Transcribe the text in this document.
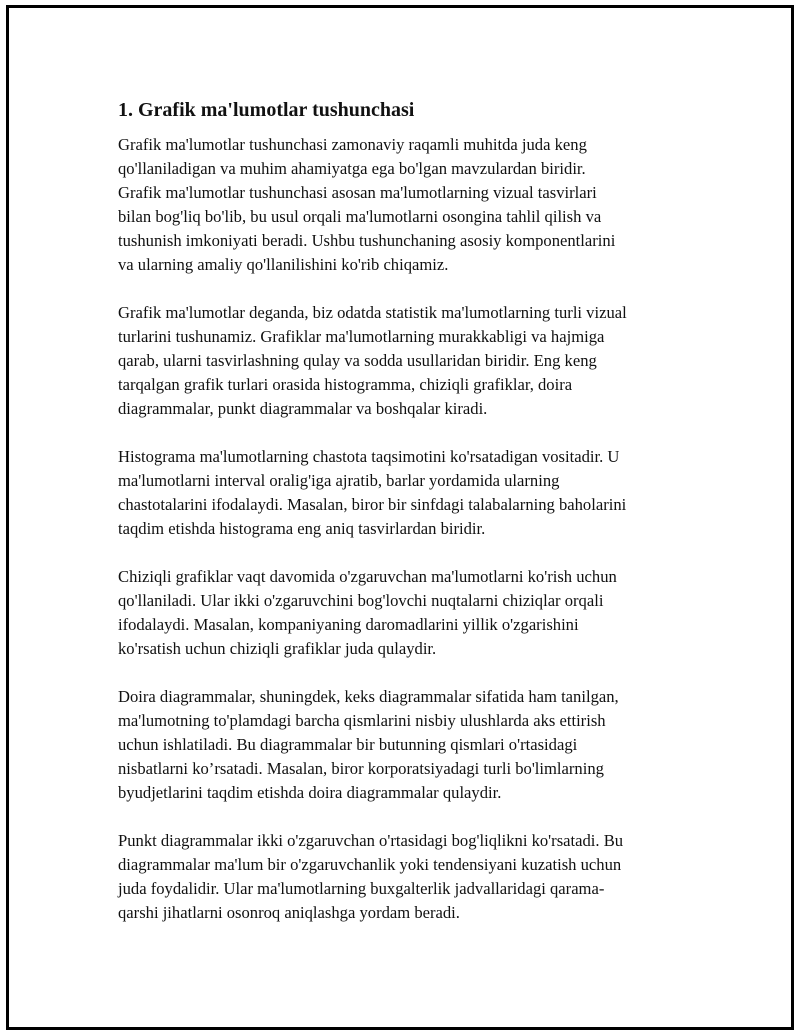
1. Grafik ma'lumotlar tushunchasi

Grafik ma'lumotlar tushunchasi zamonaviy raqamli muhitda juda keng
qo'llaniladigan va muhim ahamiyatga ega bo'lgan mavzulardan biridir.
Grafik ma'lumotlar tushunchasi asosan ma'lumotlarning vizual tasvirlari
bilan bog'liq bo'lib, bu usul orqali ma'lumotlarni osongina tahlil qilish va
tushunish imkoniyati beradi. Ushbu tushunchaning asosiy komponentlarini
va ularning amaliy qo'llanilishini ko'rib chiqamiz.

Grafik ma'lumotlar deganda, biz odatda statistik ma'lumotlarning turli vizual
turlarini tushunamiz. Grafiklar ma'lumotlarning murakkabligi va hajmiga
qarab, ularni tasvirlashning qulay va sodda usullaridan biridir. Eng keng
tarqalgan grafik turlari orasida histogramma, chiziqli grafiklar, doira
diagrammalar, punkt diagrammalar va boshqalar kiradi.

Histograma ma'lumotlarning chastota taqsimotini ko'rsatadigan vositadir. U
ma'lumotlarni interval oralig'iga ajratib, barlar yordamida ularning
chastotalarini ifodalaydi. Masalan, biror bir sinfdagi talabalarning baholarini
taqdim etishda histograma eng aniq tasvirlardan biridir.

Chiziqli grafiklar vaqt davomida o'zgaruvchan ma'lumotlarni ko'rish uchun
qo'llaniladi. Ular ikki o'zgaruvchini bog'lovchi nuqtalarni chiziqlar orqali
ifodalaydi. Masalan, kompaniyaning daromadlarini yillik o'zgarishini
ko'rsatish uchun chiziqli grafiklar juda qulaydir.

Doira diagrammalar, shuningdek, keks diagrammalar sifatida ham tanilgan,
ma'lumotning to'plamdagi barcha qismlarini nisbiy ulushlarda aks ettirish
uchun ishlatiladi. Bu diagrammalar bir butunning qismlari o'rtasidagi
nisbatlarni ko’rsatadi. Masalan, biror korporatsiyadagi turli bo'limlarning
byudjetlarini taqdim etishda doira diagrammalar qulaydir.

Punkt diagrammalar ikki o'zgaruvchan o'rtasidagi bog'liqlikni ko'rsatadi. Bu
diagrammalar ma'lum bir o'zgaruvchanlik yoki tendensiyani kuzatish uchun
juda foydalidir. Ular ma'lumotlarning buxgalterlik jadvallaridagi qarama-
qarshi jihatlarni osonroq aniqlashga yordam beradi.
